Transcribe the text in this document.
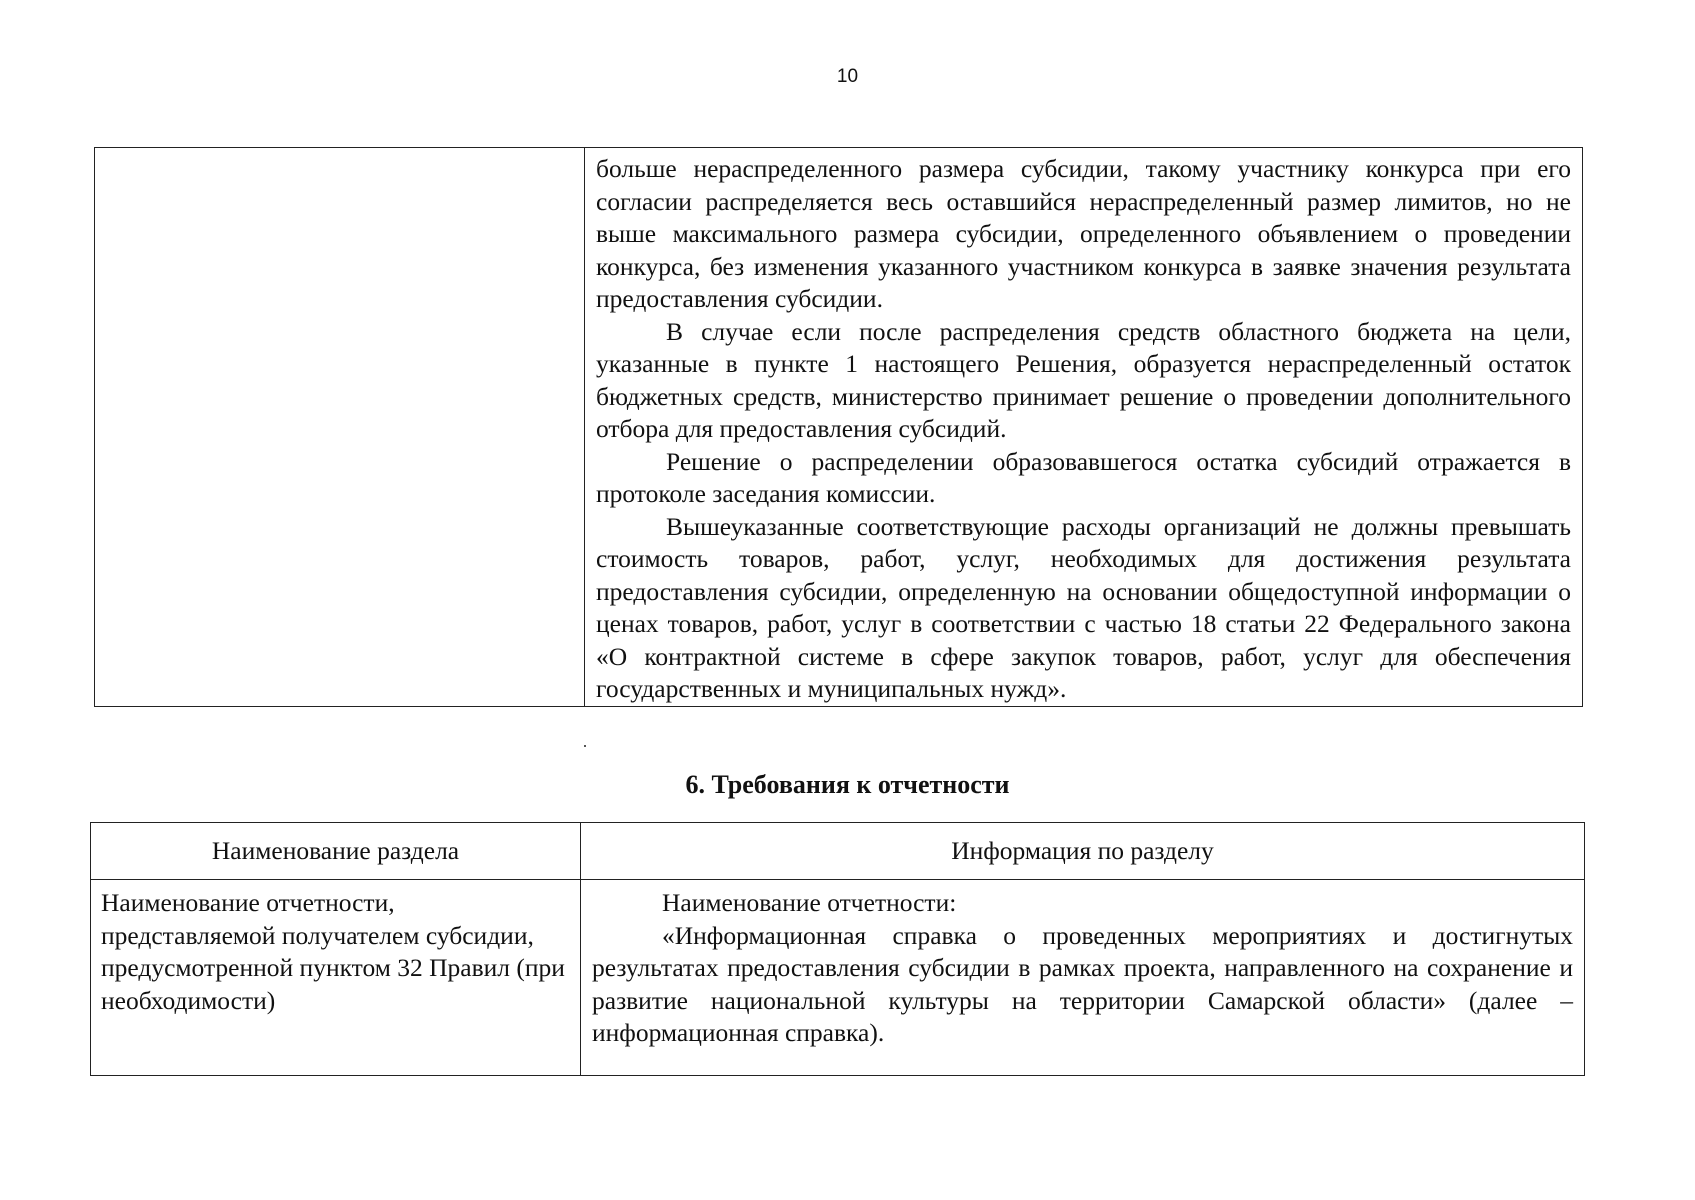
10

больше нераспределенного размера субсидии, такому участнику конкурса при его согласии распределяется весь оставшийся нераспределенный размер лимитов, но не выше максимального размера субсидии, определенного объявлением о проведении конкурса, без изменения указанного участником конкурса в заявке значения результата предоставления субсидии.

В случае если после распределения средств областного бюджета на цели, указанные в пункте 1 настоящего Решения, образуется нераспределенный остаток бюджетных средств, министерство принимает решение о проведении дополнительного отбора для предоставления субсидий.

Решение о распределении образовавшегося остатка субсидий отражается в протоколе заседания комиссии.

Вышеуказанные соответствующие расходы организаций не должны превышать стоимость товаров, работ, услуг, необходимых для достижения результата предоставления субсидии, определенную на основании общедоступной информации о ценах товаров, работ, услуг в соответствии с частью 18 статьи 22 Федерального закона «О контрактной системе в сфере закупок товаров, работ, услуг для обеспечения государственных и муниципальных нужд».

6. Требования к отчетности
Наименование раздела	Информация по разделу
Наименование отчетности, представляемой получателем субсидии, предусмотренной пунктом 32 Правил (при необходимости)	Наименование отчетности:

«Информационная справка о проведенных мероприятиях и достигнутых результатах предоставления субсидии в рамках проекта, направленного на сохранение и развитие национальной культуры на территории Самарской области» (далее – информационная справка).
